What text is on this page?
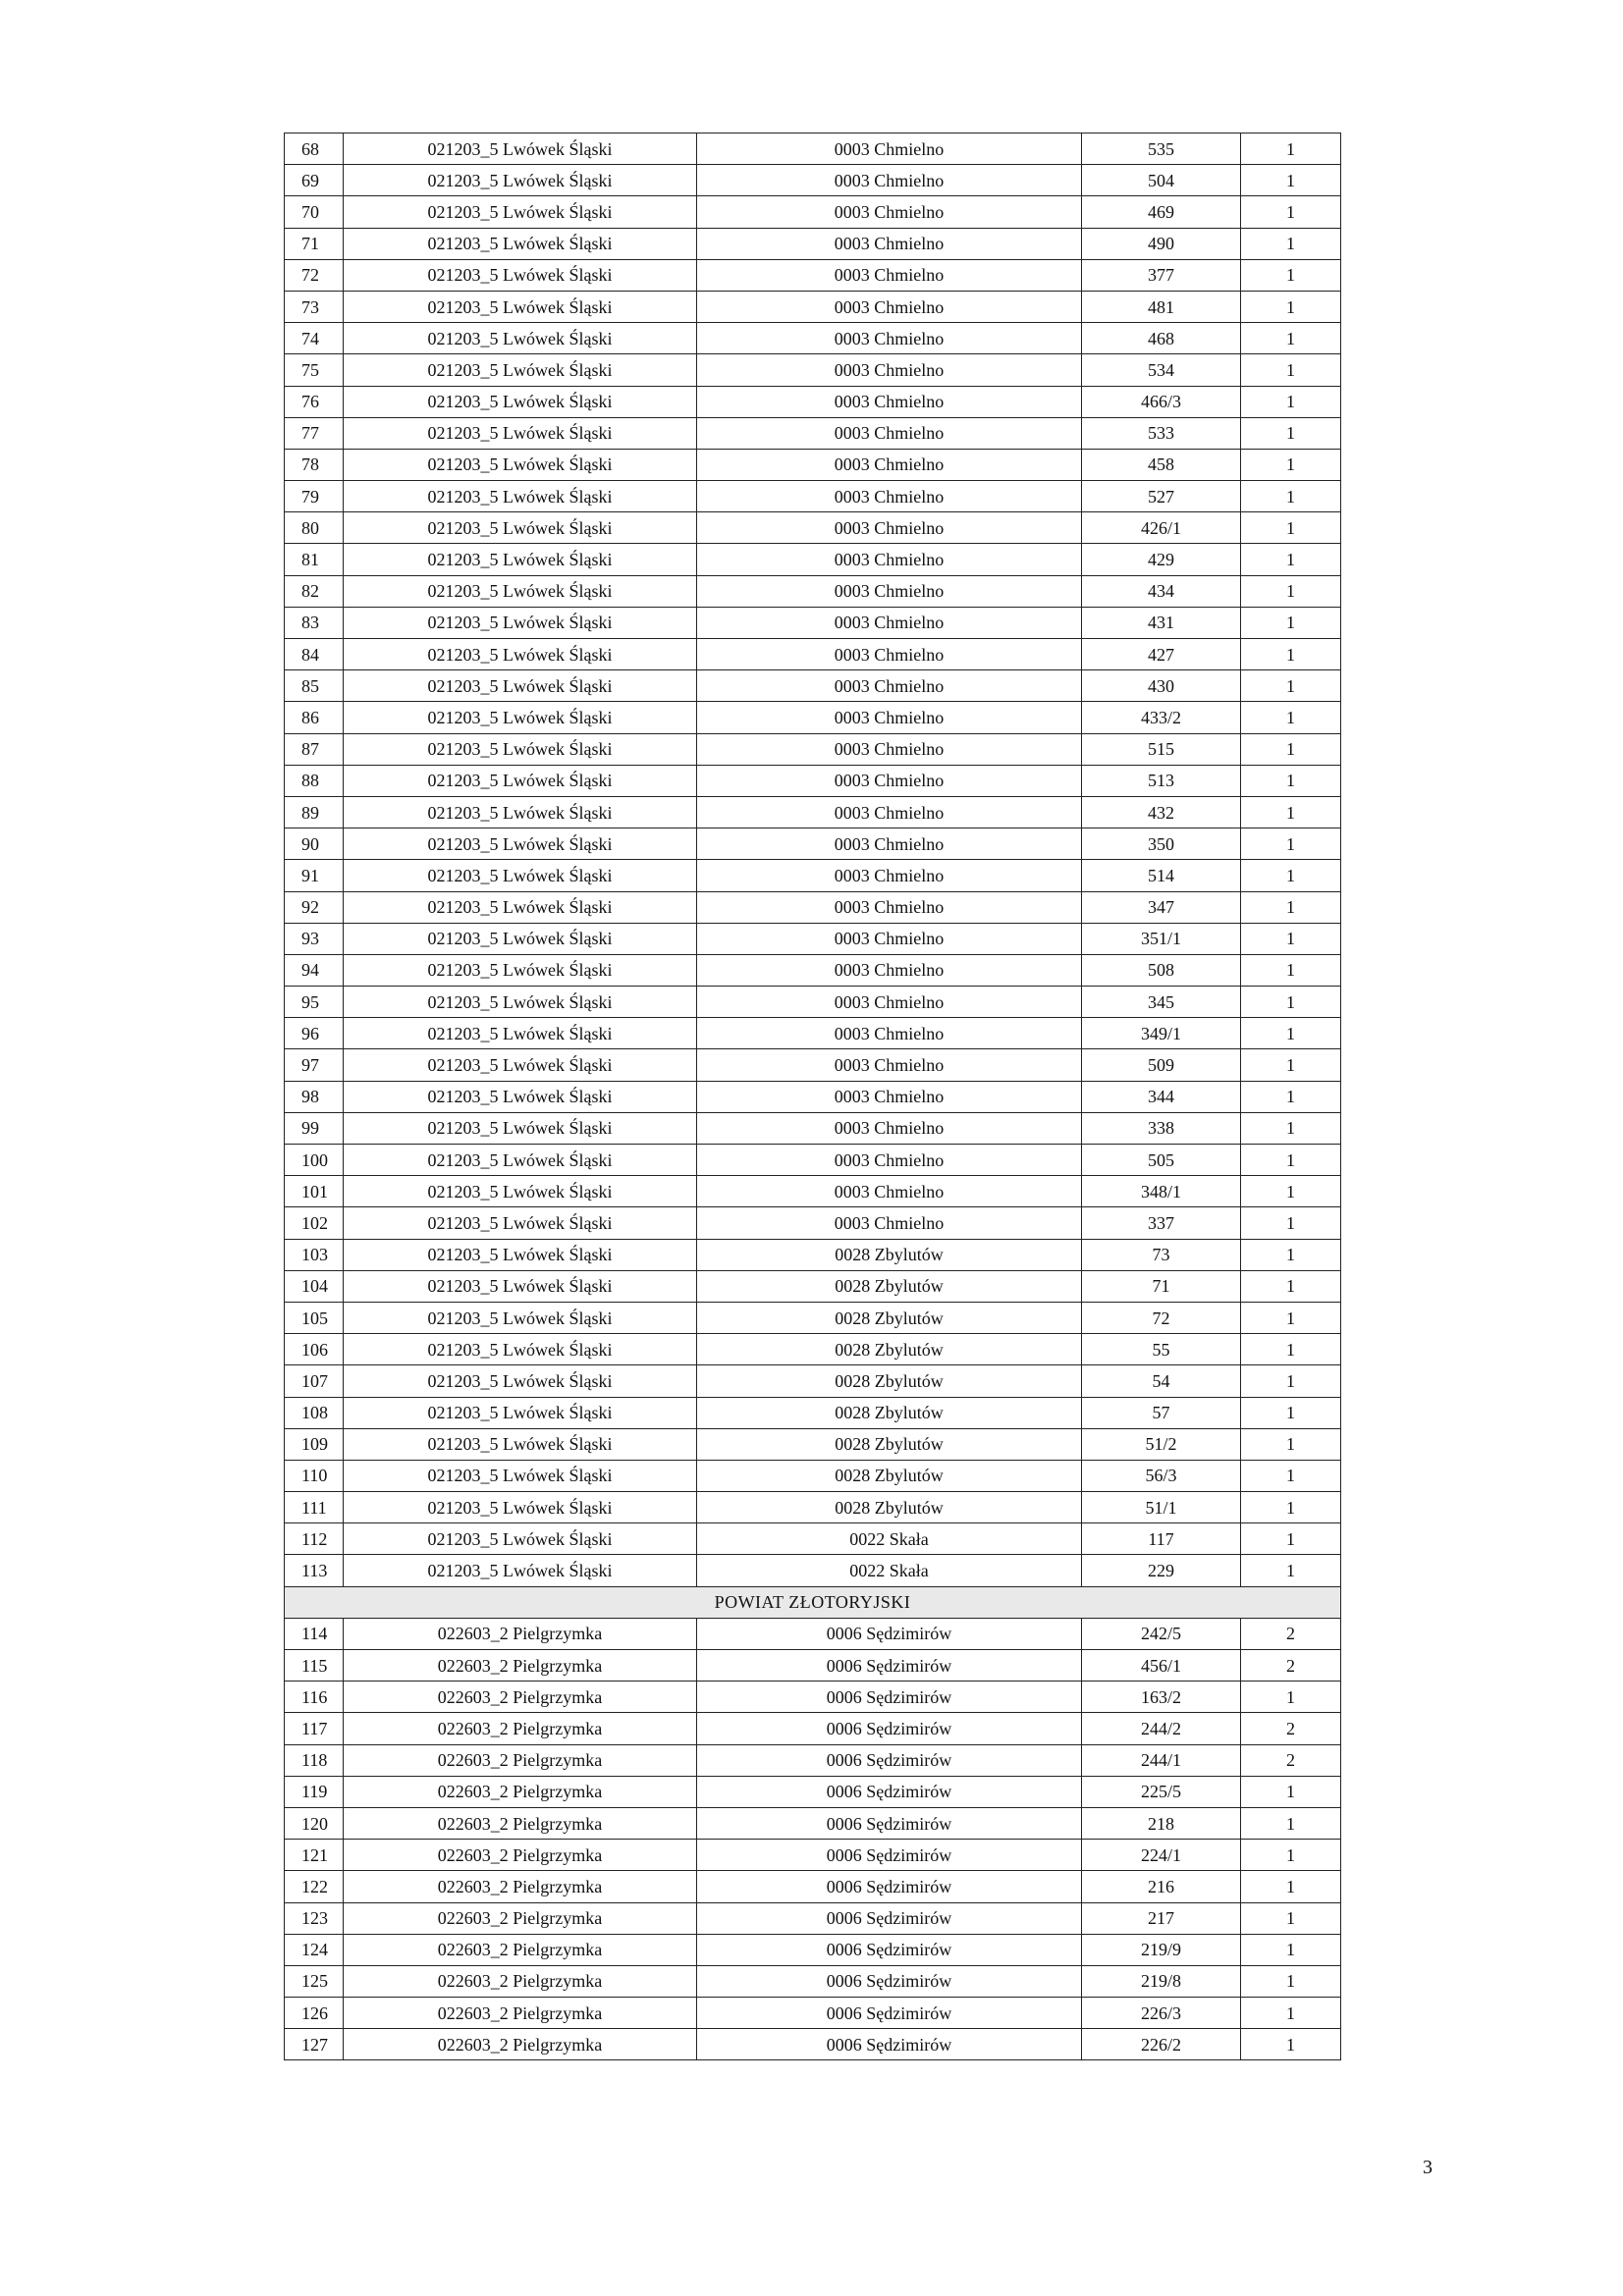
68	021203_5 Lwówek Śląski	0003 Chmielno	535	1
69	021203_5 Lwówek Śląski	0003 Chmielno	504	1
70	021203_5 Lwówek Śląski	0003 Chmielno	469	1
71	021203_5 Lwówek Śląski	0003 Chmielno	490	1
72	021203_5 Lwówek Śląski	0003 Chmielno	377	1
73	021203_5 Lwówek Śląski	0003 Chmielno	481	1
74	021203_5 Lwówek Śląski	0003 Chmielno	468	1
75	021203_5 Lwówek Śląski	0003 Chmielno	534	1
76	021203_5 Lwówek Śląski	0003 Chmielno	466/3	1
77	021203_5 Lwówek Śląski	0003 Chmielno	533	1
78	021203_5 Lwówek Śląski	0003 Chmielno	458	1
79	021203_5 Lwówek Śląski	0003 Chmielno	527	1
80	021203_5 Lwówek Śląski	0003 Chmielno	426/1	1
81	021203_5 Lwówek Śląski	0003 Chmielno	429	1
82	021203_5 Lwówek Śląski	0003 Chmielno	434	1
83	021203_5 Lwówek Śląski	0003 Chmielno	431	1
84	021203_5 Lwówek Śląski	0003 Chmielno	427	1
85	021203_5 Lwówek Śląski	0003 Chmielno	430	1
86	021203_5 Lwówek Śląski	0003 Chmielno	433/2	1
87	021203_5 Lwówek Śląski	0003 Chmielno	515	1
88	021203_5 Lwówek Śląski	0003 Chmielno	513	1
89	021203_5 Lwówek Śląski	0003 Chmielno	432	1
90	021203_5 Lwówek Śląski	0003 Chmielno	350	1
91	021203_5 Lwówek Śląski	0003 Chmielno	514	1
92	021203_5 Lwówek Śląski	0003 Chmielno	347	1
93	021203_5 Lwówek Śląski	0003 Chmielno	351/1	1
94	021203_5 Lwówek Śląski	0003 Chmielno	508	1
95	021203_5 Lwówek Śląski	0003 Chmielno	345	1
96	021203_5 Lwówek Śląski	0003 Chmielno	349/1	1
97	021203_5 Lwówek Śląski	0003 Chmielno	509	1
98	021203_5 Lwówek Śląski	0003 Chmielno	344	1
99	021203_5 Lwówek Śląski	0003 Chmielno	338	1
100	021203_5 Lwówek Śląski	0003 Chmielno	505	1
101	021203_5 Lwówek Śląski	0003 Chmielno	348/1	1
102	021203_5 Lwówek Śląski	0003 Chmielno	337	1
103	021203_5 Lwówek Śląski	0028 Zbylutów	73	1
104	021203_5 Lwówek Śląski	0028 Zbylutów	71	1
105	021203_5 Lwówek Śląski	0028 Zbylutów	72	1
106	021203_5 Lwówek Śląski	0028 Zbylutów	55	1
107	021203_5 Lwówek Śląski	0028 Zbylutów	54	1
108	021203_5 Lwówek Śląski	0028 Zbylutów	57	1
109	021203_5 Lwówek Śląski	0028 Zbylutów	51/2	1
110	021203_5 Lwówek Śląski	0028 Zbylutów	56/3	1
111	021203_5 Lwówek Śląski	0028 Zbylutów	51/1	1
112	021203_5 Lwówek Śląski	0022 Skała	117	1
113	021203_5 Lwówek Śląski	0022 Skała	229	1
POWIAT ZŁOTORYJSKI				
114	022603_2 Pielgrzymka	0006 Sędzimirów	242/5	2
115	022603_2 Pielgrzymka	0006 Sędzimirów	456/1	2
116	022603_2 Pielgrzymka	0006 Sędzimirów	163/2	1
117	022603_2 Pielgrzymka	0006 Sędzimirów	244/2	2
118	022603_2 Pielgrzymka	0006 Sędzimirów	244/1	2
119	022603_2 Pielgrzymka	0006 Sędzimirów	225/5	1
120	022603_2 Pielgrzymka	0006 Sędzimirów	218	1
121	022603_2 Pielgrzymka	0006 Sędzimirów	224/1	1
122	022603_2 Pielgrzymka	0006 Sędzimirów	216	1
123	022603_2 Pielgrzymka	0006 Sędzimirów	217	1
124	022603_2 Pielgrzymka	0006 Sędzimirów	219/9	1
125	022603_2 Pielgrzymka	0006 Sędzimirów	219/8	1
126	022603_2 Pielgrzymka	0006 Sędzimirów	226/3	1
127	022603_2 Pielgrzymka	0006 Sędzimirów	226/2	1
3
